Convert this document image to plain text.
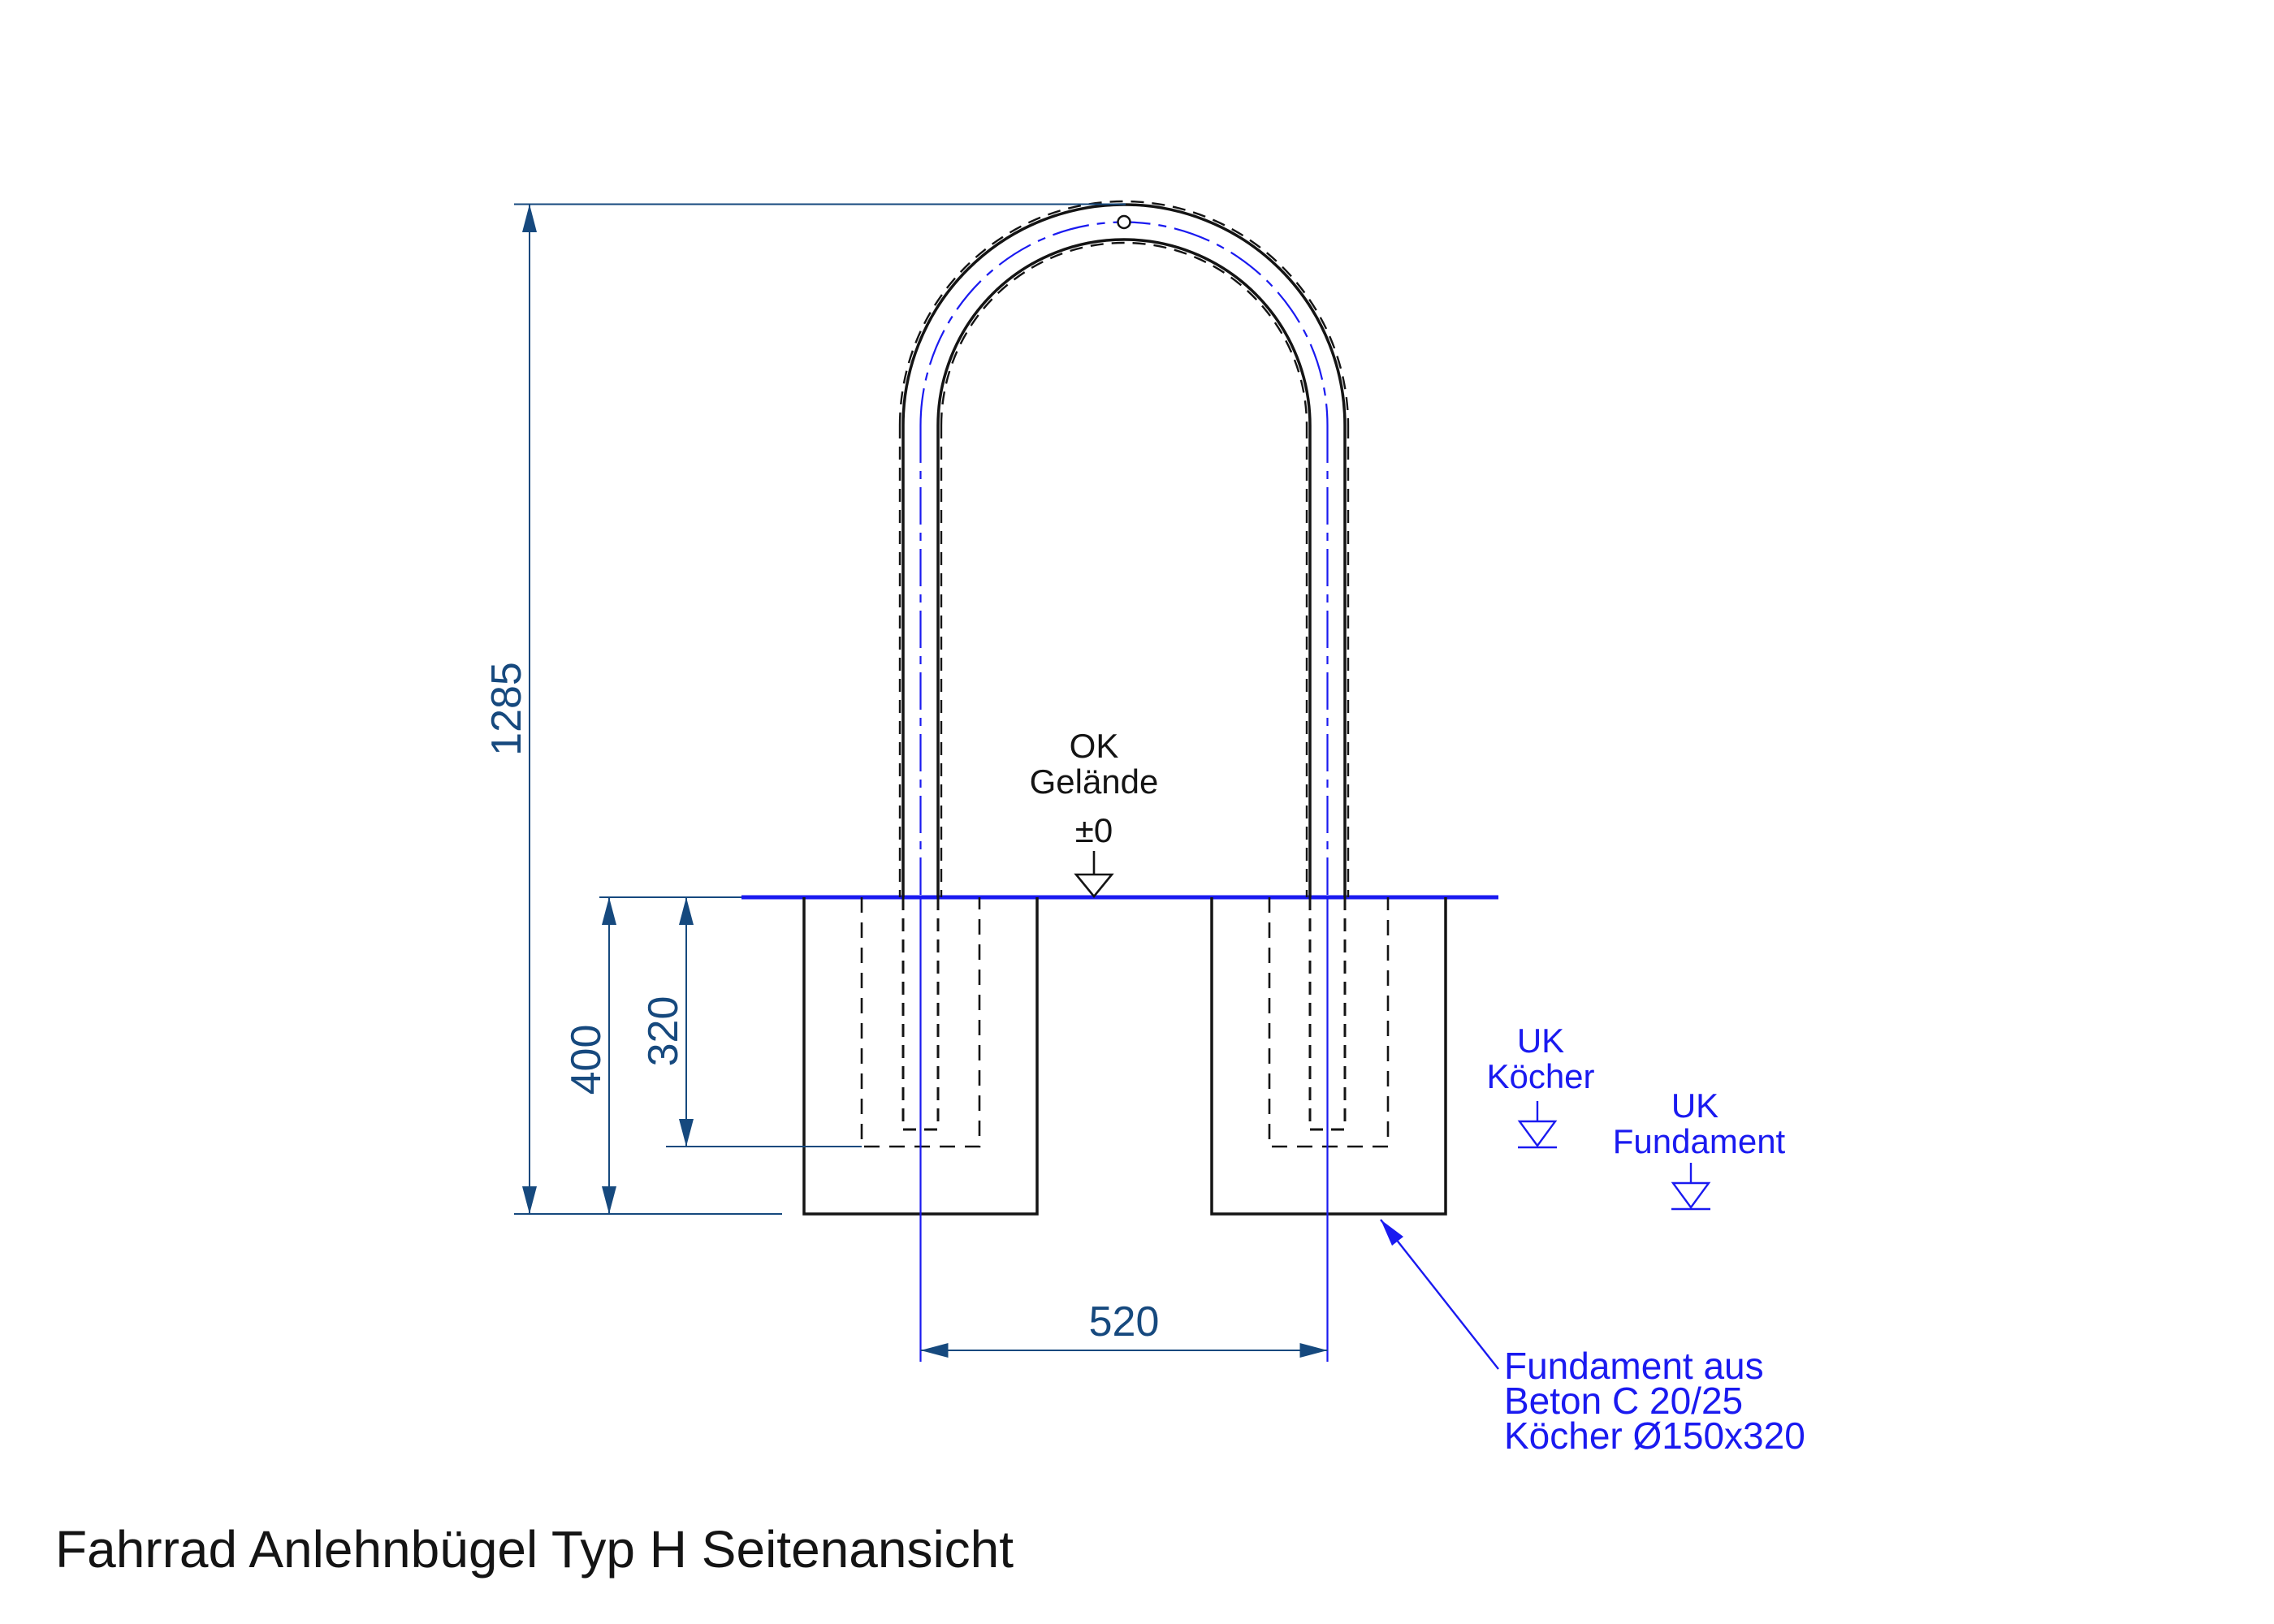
1285
400 320
520
OK
Gelände
±0
UK
Köcher
UK
Fundament
Fundament aus
Beton C 20/25
Köcher Ø150x320
Fahrrad Anlehnbügel Typ H Seitenansicht
